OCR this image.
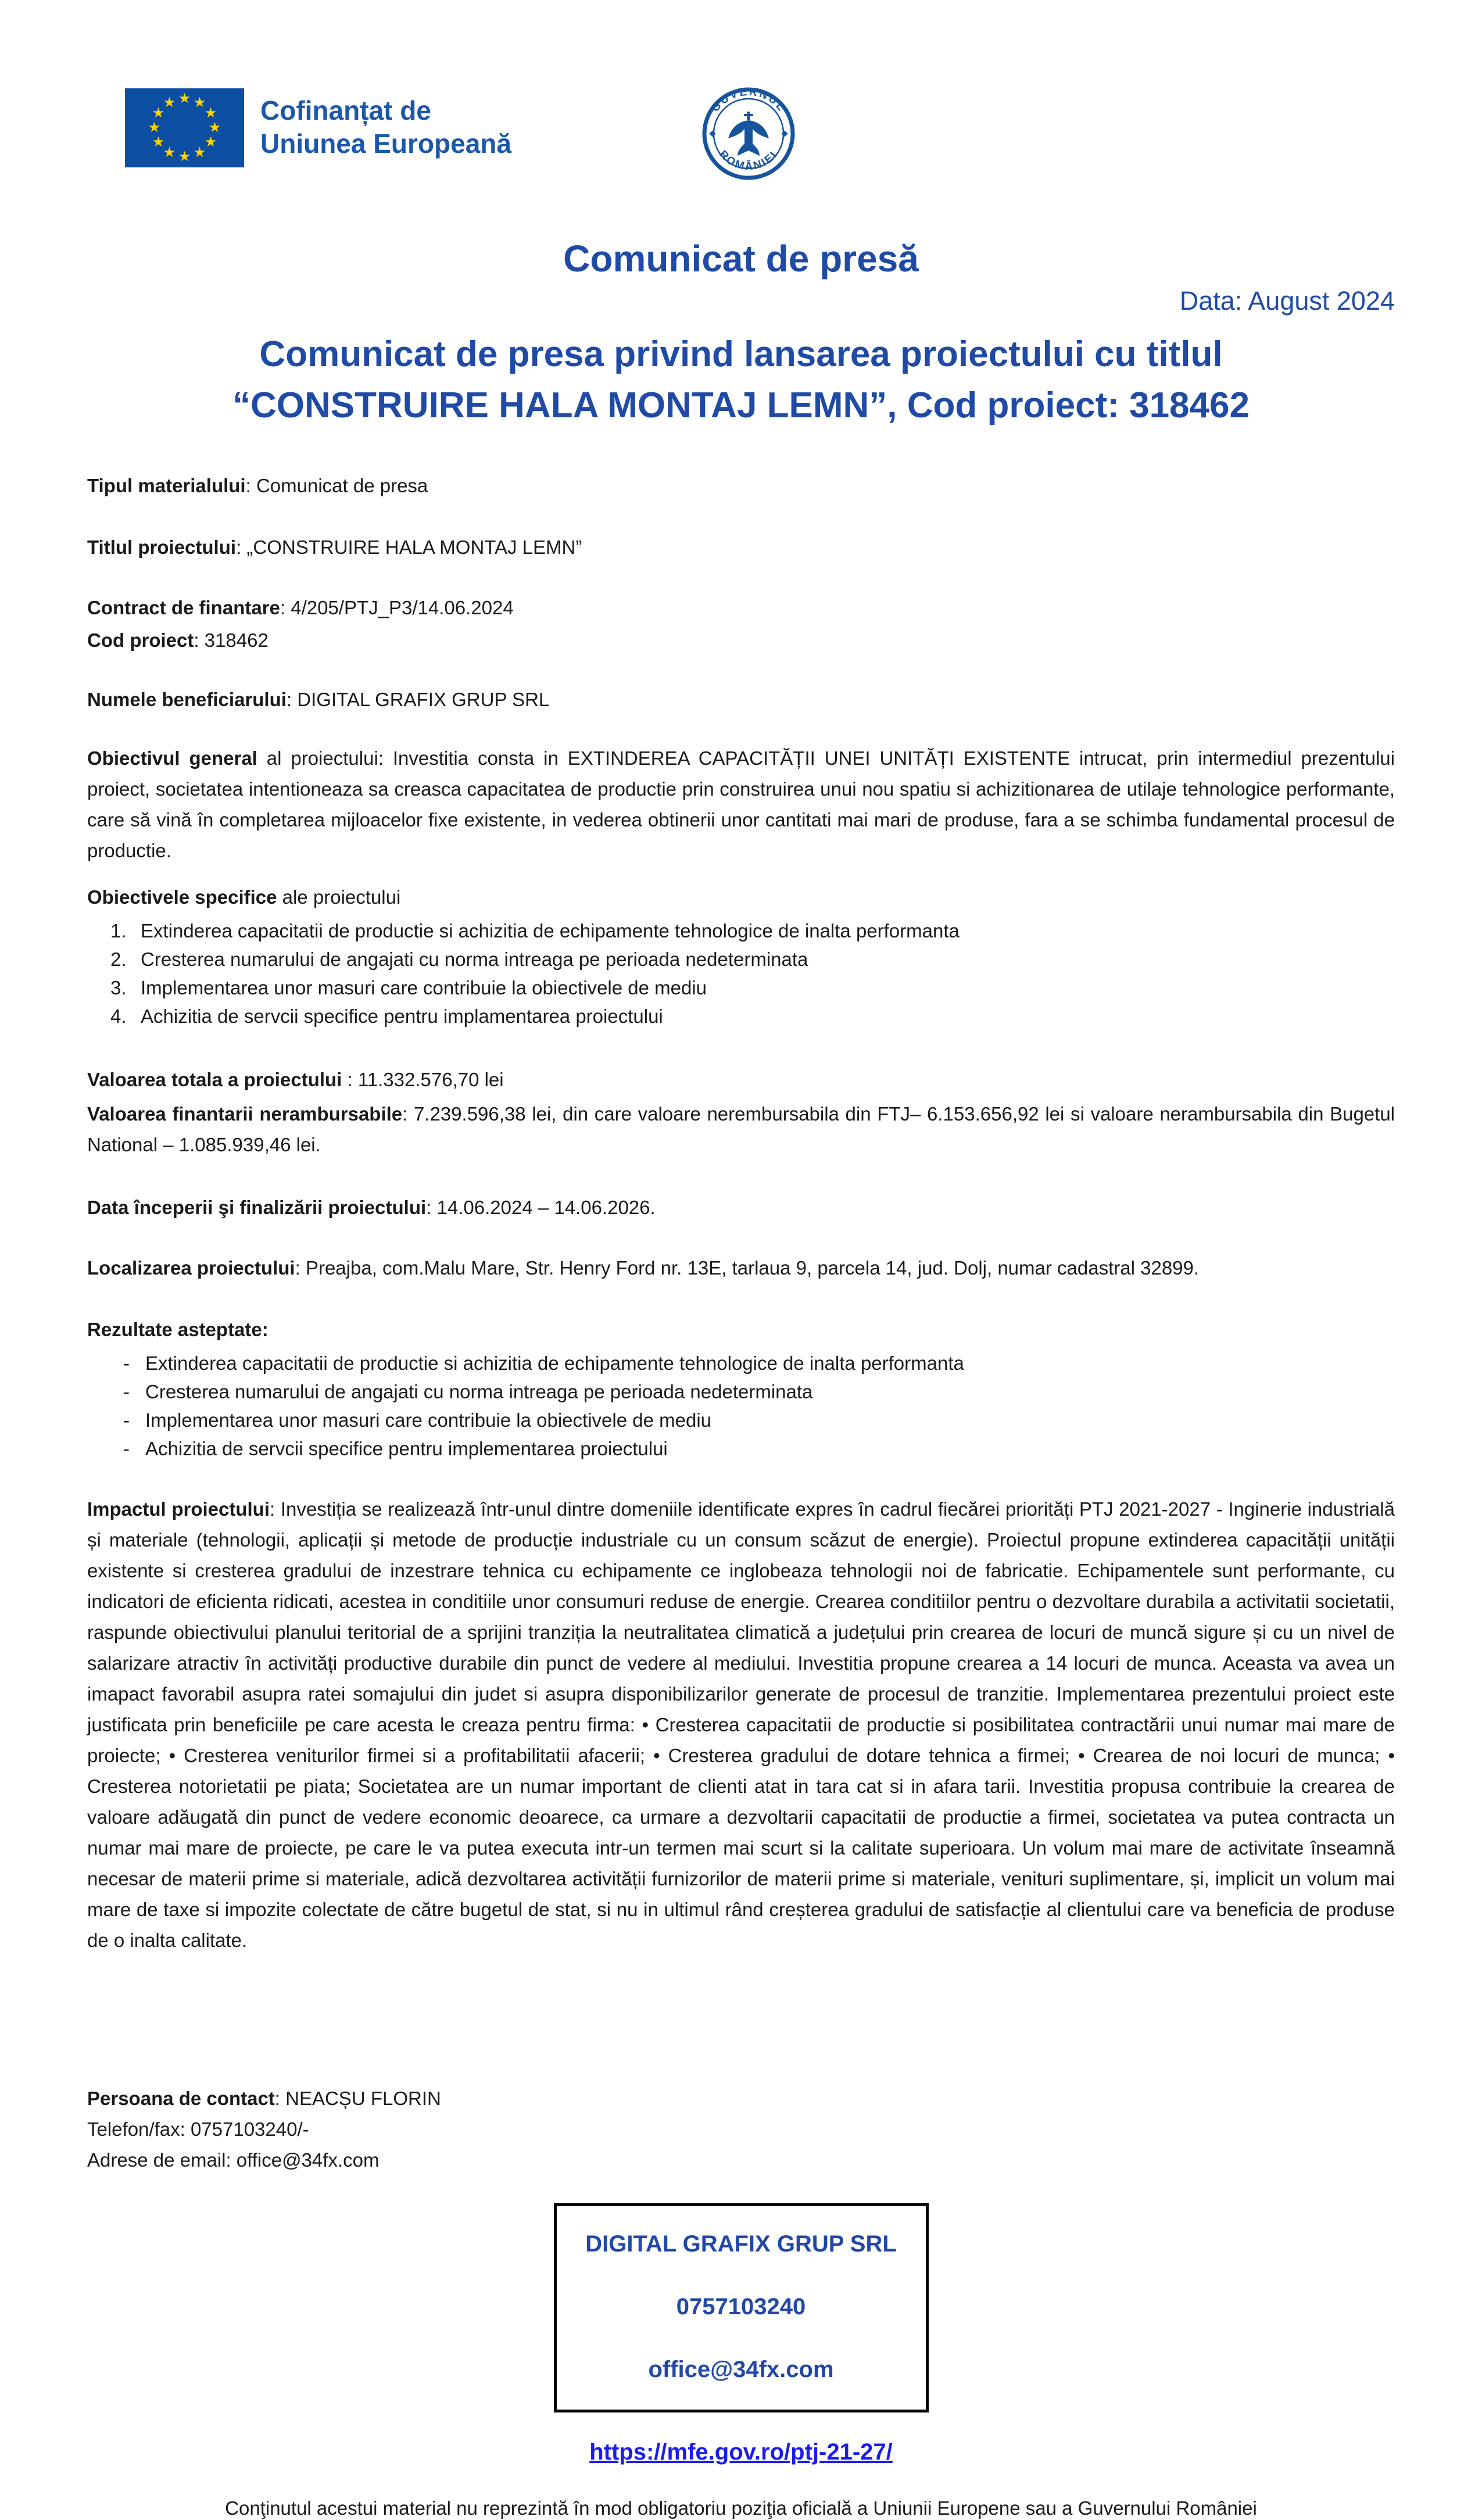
★ ★
★
★
★
★
★
★
★
★
★
★	Cofinanțat de
Uniunea Europeană
GUVERNUL
ROMÂNIEI
Comunicat de presă
Data: August 2024
Comunicat de presa privind lansarea proiectului cu titlul
“CONSTRUIRE HALA MONTAJ LEMN”, Cod proiect: 318462
Tipul materialului: Comunicat de presa
Titlul proiectului: „CONSTRUIRE HALA MONTAJ LEMN”
Contract de finantare: 4/205/PTJ_P3/14.06.2024
Cod proiect: 318462
Numele beneficiarului: DIGITAL GRAFIX GRUP SRL
Obiectivul general al proiectului: Investitia consta in EXTINDEREA CAPACITĂȚII UNEI UNITĂȚI EXISTENTE intrucat, prin intermediul prezentului proiect, societatea intentioneaza sa creasca capacitatea de productie prin construirea unui nou spatiu si achizitionarea de utilaje tehnologice performante, care să vină în completarea mijloacelor fixe existente, in vederea obtinerii unor cantitati mai mari de produse, fara a se schimba fundamental procesul de productie.
Obiectivele specifice ale proiectului
Extinderea capacitatii de productie si achizitia de echipamente tehnologice de inalta performanta
Cresterea numarului de angajati cu norma intreaga pe perioada nedeterminata
Implementarea unor masuri care contribuie la obiectivele de mediu
Achizitia de servcii specifice pentru implamentarea proiectului
Valoarea totala a proiectului : 11.332.576,70 lei
Valoarea finantarii nerambursabile: 7.239.596,38 lei, din care valoare nerembursabila din FTJ– 6.153.656,92 lei si valoare nerambursabila din Bugetul National – 1.085.939,46 lei.
Data începerii şi finalizării proiectului: 14.06.2024 – 14.06.2026.
Localizarea proiectului: Preajba, com.Malu Mare, Str. Henry Ford nr. 13E, tarlaua 9, parcela 14, jud. Dolj, numar cadastral 32899.
Rezultate asteptate:
- Extinderea capacitatii de productie si achizitia de echipamente tehnologice de inalta performanta
- Cresterea numarului de angajati cu norma intreaga pe perioada nedeterminata
- Implementarea unor masuri care contribuie la obiectivele de mediu
- Achizitia de servcii specifice pentru implementarea proiectului
Impactul proiectului: Investiția se realizează într-unul dintre domeniile identificate expres în cadrul fiecărei priorități PTJ 2021-2027 - Inginerie industrială și materiale (tehnologii, aplicații și metode de producție industriale cu un consum scăzut de energie). Proiectul propune extinderea capacității unității existente si cresterea gradului de inzestrare tehnica cu echipamente ce inglobeaza tehnologii noi de fabricatie. Echipamentele sunt performante, cu indicatori de eficienta ridicati, acestea in conditiile unor consumuri reduse de energie. Crearea conditiilor pentru o dezvoltare durabila a activitatii societatii, raspunde obiectivului planului teritorial de a sprijini tranziția la neutralitatea climatică a județului prin crearea de locuri de muncă sigure și cu un nivel de salarizare atractiv în activități productive durabile din punct de vedere al mediului. Investitia propune crearea a 14 locuri de munca. Aceasta va avea un imapact favorabil asupra ratei somajului din judet si asupra disponibilizarilor generate de procesul de tranzitie. Implementarea prezentului proiect este justificata prin beneficiile pe care acesta le creaza pentru firma: • Cresterea capacitatii de productie si posibilitatea contractării unui numar mai mare de proiecte; • Cresterea veniturilor firmei si a profitabilitatii afacerii; • Cresterea gradului de dotare tehnica a firmei; • Crearea de noi locuri de munca; • Cresterea notorietatii pe piata; Societatea are un numar important de clienti atat in tara cat si in afara tarii. Investitia propusa contribuie la crearea de valoare adăugată din punct de vedere economic deoarece, ca urmare a dezvoltarii capacitatii de productie a firmei, societatea va putea contracta un numar mai mare de proiecte, pe care le va putea executa intr-un termen mai scurt si la calitate superioara. Un volum mai mare de activitate înseamnă necesar de materii prime si materiale, adică dezvoltarea activității furnizorilor de materii prime si materiale, venituri suplimentare, și, implicit un volum mai mare de taxe si impozite colectate de către bugetul de stat, si nu in ultimul rând creșterea gradului de satisfacție al clientului care va beneficia de produse de o inalta calitate.
Persoana de contact: NEACȘU FLORIN
Telefon/fax: 0757103240/-
Adrese de email: office@34fx.com
DIGITAL GRAFIX GRUP SRL
0757103240
office@34fx.com
https://mfe.gov.ro/ptj-21-27/
Conţinutul acestui material nu reprezintă în mod obligatoriu poziţia oficială a Uniunii Europene sau a Guvernului României
